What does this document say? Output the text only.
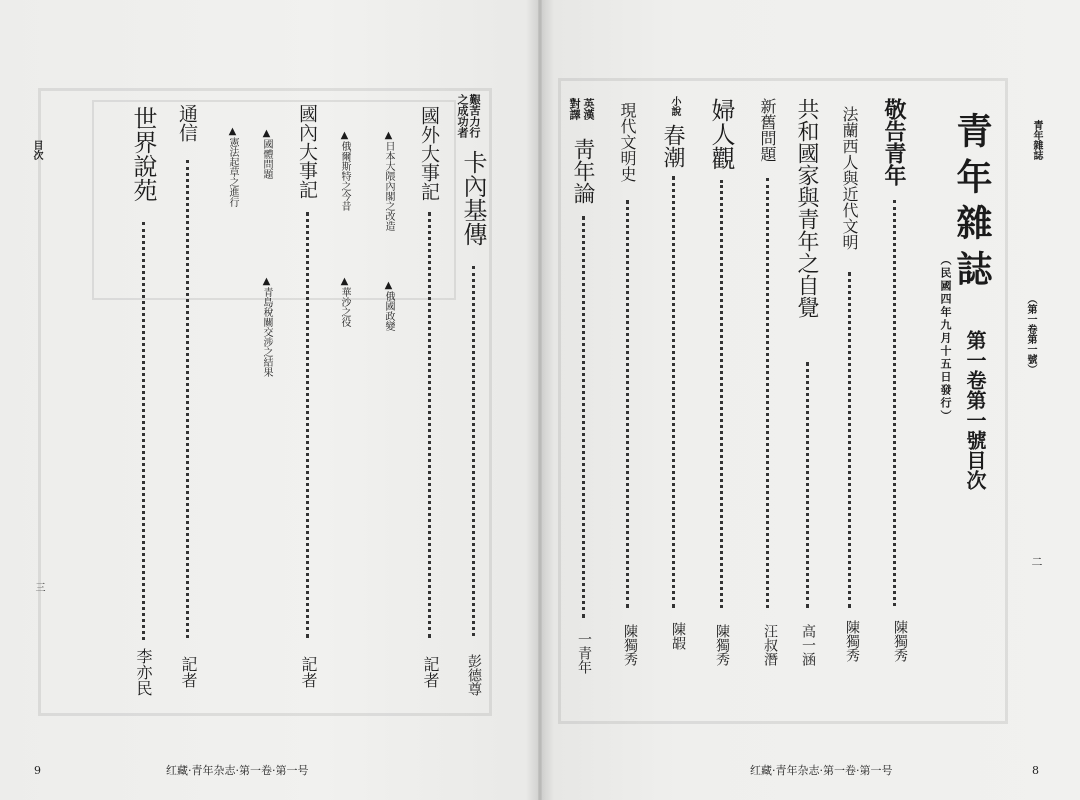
目次
三
艱苦力行
之成功者
卡內基傳
彭德尊
國外大事記
記者
▲日本大隈內閣之改造
▲俄國政變
▲俄爾斯特之今昔
▲華沙之役
國內大事記
記者
▲國體問題
▲青島稅關交涉之結果
▲憲法起草之進行
通信
記者
世界說苑
李亦民
9	红藏·青年杂志·第一卷·第一号
青年雜誌
（第一卷第一號）
二
青年雜誌
第一卷第一號目次
（民國四年九月十五日發行）
敬告青年
陳獨秀
法蘭西人與近代文明
陳獨秀
共和國家與青年之自覺
高一涵
新舊問題
汪叔潛
婦人觀
陳獨秀
小說
春潮
陳嘏
現代文明史
陳獨秀
英漢
對譯
靑年論
一青年
红藏·青年杂志·第一卷·第一号	8
